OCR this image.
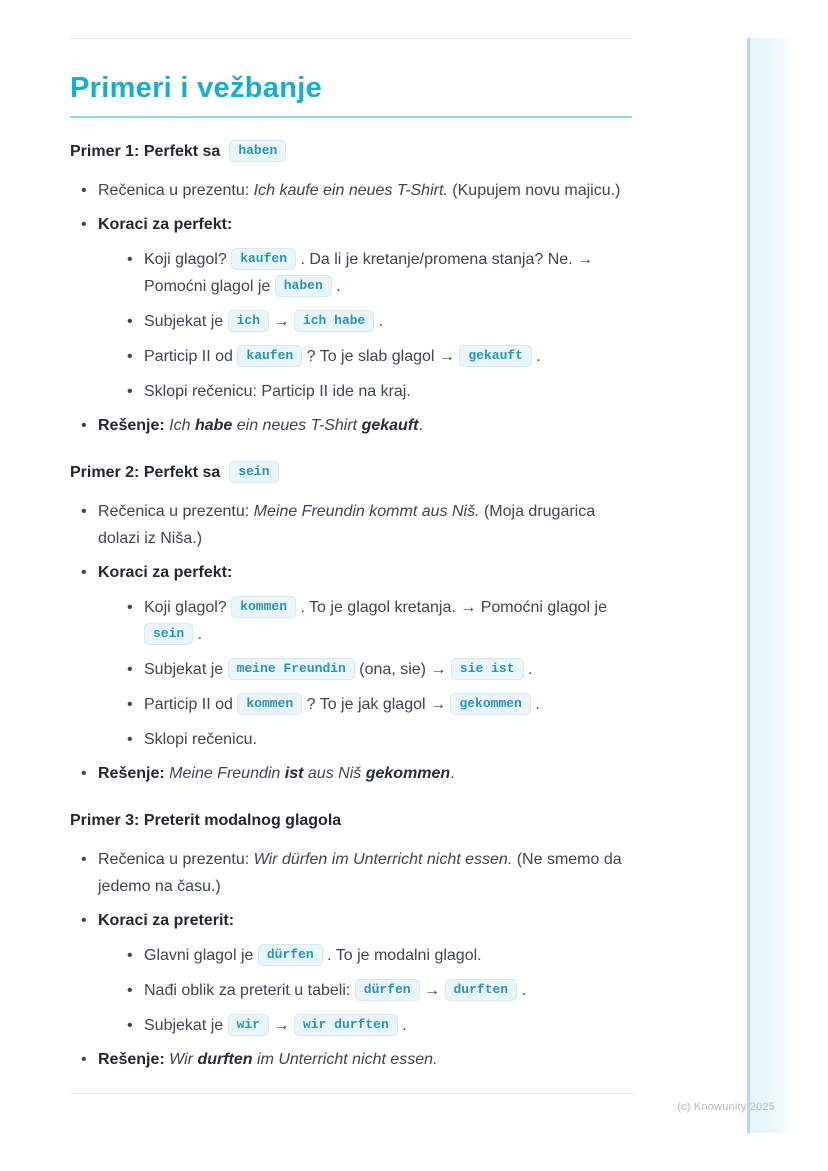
Primeri i vežbanje
Primer 1: Perfekt sa	haben
• Rečenica u prezentu: Ich kaufe ein neues T-Shirt. (Kupujem novu majicu.)
• Koraci za perfekt:
• Koji glagol? kaufen . Da li je kretanje/promena stanja? Ne. → Pomoćni glagol je haben .
• Subjekat je ich → ich habe .
• Particip II od kaufen ? To je slab glagol → gekauft .
• Sklopi rečenicu: Particip II ide na kraj.
• Rešenje: Ich habe ein neues T-Shirt gekauft.
Primer 2: Perfekt sa	sein
• Rečenica u prezentu: Meine Freundin kommt aus Niš. (Moja drugarica dolazi iz Niša.)
• Koraci za perfekt:
• Koji glagol? kommen . To je glagol kretanja. → Pomoćni glagol je sein .
• Subjekat je meine Freundin (ona, sie) → sie ist .
• Particip II od kommen ? To je jak glagol → gekommen .
• Sklopi rečenicu.
• Rešenje: Meine Freundin ist aus Niš gekommen.
Primer 3: Preterit modalnog glagola
• Rečenica u prezentu: Wir dürfen im Unterricht nicht essen. (Ne smemo da jedemo na času.)
• Koraci za preterit:
• Glavni glagol je dürfen . To je modalni glagol.
• Nađi oblik za preterit u tabeli: dürfen → durften .
• Subjekat je wir → wir durften .
• Rešenje: Wir durften im Unterricht nicht essen.
(c) Knowunity 2025
